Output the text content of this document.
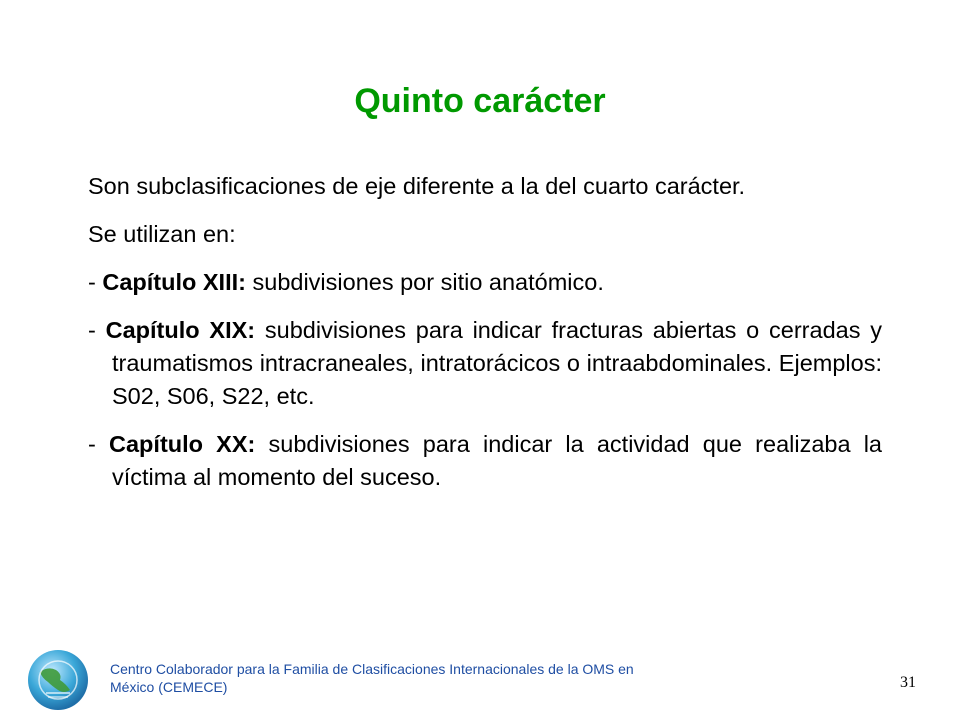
Quinto carácter

Son subclasificaciones de eje diferente a la del cuarto carácter.

Se utilizan en:

- Capítulo XIII: subdivisiones por sitio anatómico.

- Capítulo XIX: subdivisiones para indicar fracturas abiertas o cerradas y traumatismos intracraneales, intratorácicos o intraabdominales. Ejemplos: S02, S06, S22, etc.

- Capítulo XX: subdivisiones para indicar la actividad que realizaba la víctima al momento del suceso.

Centro Colaborador para la Familia de Clasificaciones Internacionales de la OMS en México (CEMECE)	31
